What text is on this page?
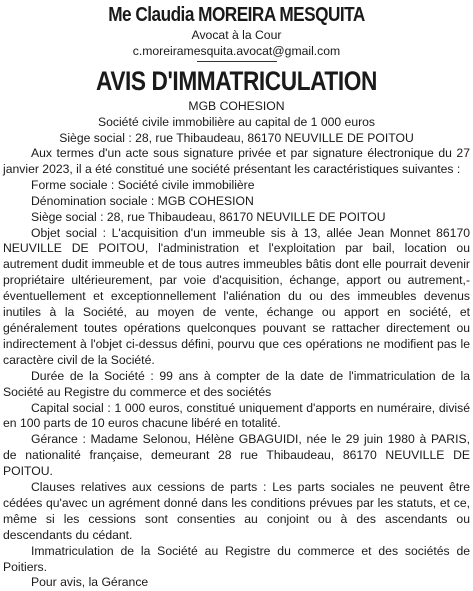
Me Claudia MOREIRA MESQUITA
Avocat à la Cour
c.moreiramesquita.avocat@gmail.com
AVIS D'IMMATRICULATION
MGB COHESION
Société civile immobilière au capital de 1 000 euros
Siège social : 28, rue Thibaudeau, 86170 NEUVILLE DE POITOU

Aux termes d'un acte sous signature privée et par signature électronique du 27 janvier 2023, il a été constitué une société présentant les caractéristiques suivantes :

Forme sociale : Société civile immobilière

Dénomination sociale : MGB COHESION

Siège social : 28, rue Thibaudeau, 86170 NEUVILLE DE POITOU

Objet social : L'acquisition d'un immeuble sis à 13, allée Jean Monnet 86170 NEUVILLE DE POITOU, l'administration et l'exploitation par bail, location ou autrement dudit immeuble et de tous autres immeubles bâtis dont elle pourrait devenir propriétaire ultérieurement, par voie d'acquisition, échange, apport ou autrement,- éventuellement et exceptionnellement l'aliénation du ou des immeubles devenus inutiles à la Société, au moyen de vente, échange ou apport en société, et généralement toutes opérations quelconques pouvant se rattacher directement ou indirectement à l'objet ci-dessus défini, pourvu que ces opérations ne modifient pas le caractère civil de la Société.

Durée de la Société : 99 ans à compter de la date de l'immatriculation de la Société au Registre du commerce et des sociétés

Capital social : 1 000 euros, constitué uniquement d'apports en numéraire, divisé en 100 parts de 10 euros chacune libéré en totalité.

Gérance : Madame Selonou, Hélène GBAGUIDI, née le 29 juin 1980 à PARIS, de nationalité française, demeurant 28 rue Thibaudeau, 86170 NEUVILLE DE POITOU.

Clauses relatives aux cessions de parts : Les parts sociales ne peuvent être cédées qu'avec un agrément donné dans les conditions prévues par les statuts, et ce, même si les cessions sont consenties au conjoint ou à des ascendants ou descendants du cédant.

Immatriculation de la Société au Registre du commerce et des sociétés de Poitiers.

Pour avis, la Gérance
